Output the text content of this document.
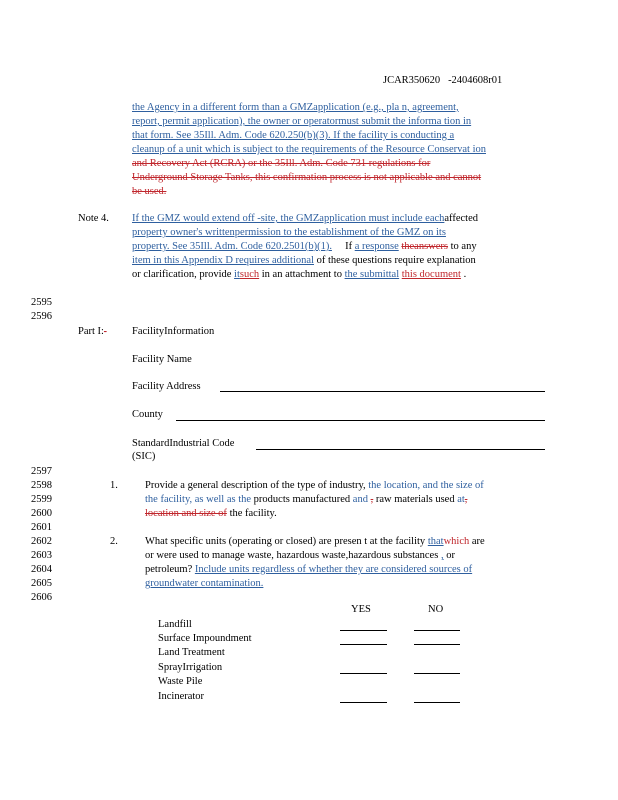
JCAR350620 -2404608r01
the Agency in a different form than a GMZapplication (e.g., pla n, agreement,
report, permit application), the owner or operatormust submit the informa tion in
that form. See 35Ill. Adm. Code 620.250(b)(3). If the facility is conducting a
cleanup of a unit which is subject to the requirements of the Resource Conservat ion
and Recovery Act (RCRA) or the 35Ill. Adm. Code 731 regulations for
Underground Storage Tanks, this confirmation process is not applicable and cannot
be used.
Note 4. If the GMZ would extend off -site, the GMZapplication must include eachaffected
property owner's writtenpermission to the establishment of the GMZ on its
property. See 35Ill. Adm. Code 620.2501(b)(1). If a response theanswers to any
item in this Appendix D requires additional of these questions require explanation
or clarification, provide itsuch in an attachment to the submittal this document .
2595
2596
Part I:- FacilityInformation
Facility Name
Facility Address
County
StandardIndustrial Code
(SIC)
2597
2598
2599
2600
2601
2602
2603
2604
2605
2606
1.	Provide a general description of the type of industry, the location, and the size of
the facility, as well as the products manufactured and , raw materials used at,
location and size of the facility.
2.	What specific units (operating or closed) are presen t at the facility thatwhich are
or were used to manage waste, hazardous waste,hazardous substances , or
petroleum? Include units regardless of whether they are considered sources of
groundwater contamination.
YES	NO
Landfill
Surface Impoundment
Land Treatment
SprayIrrigation
Waste Pile
Incinerator
